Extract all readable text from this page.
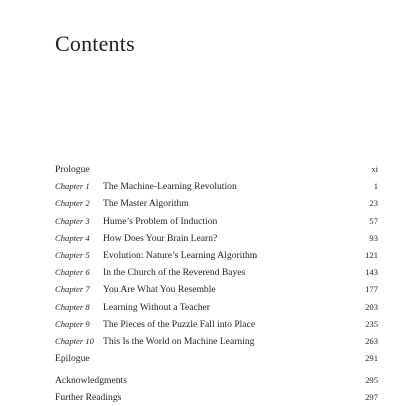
Contents
Prologue	xi
Chapter 1 The Machine-Learning Revolution	1
Chapter 2 The Master Algorithm	23
Chapter 3 Hume’s Problem of Induction	57
Chapter 4 How Does Your Brain Learn?	93
Chapter 5 Evolution: Nature’s Learning Algorithm	121
Chapter 6 In the Church of the Reverend Bayes	143
Chapter 7 You Are What You Resemble	177
Chapter 8 Learning Without a Teacher	203
Chapter 9 The Pieces of the Puzzle Fall into Place	235
Chapter 10 This Is the World on Machine Learning	263
Epilogue	291
Acknowledgments	295
Further Readings	297
